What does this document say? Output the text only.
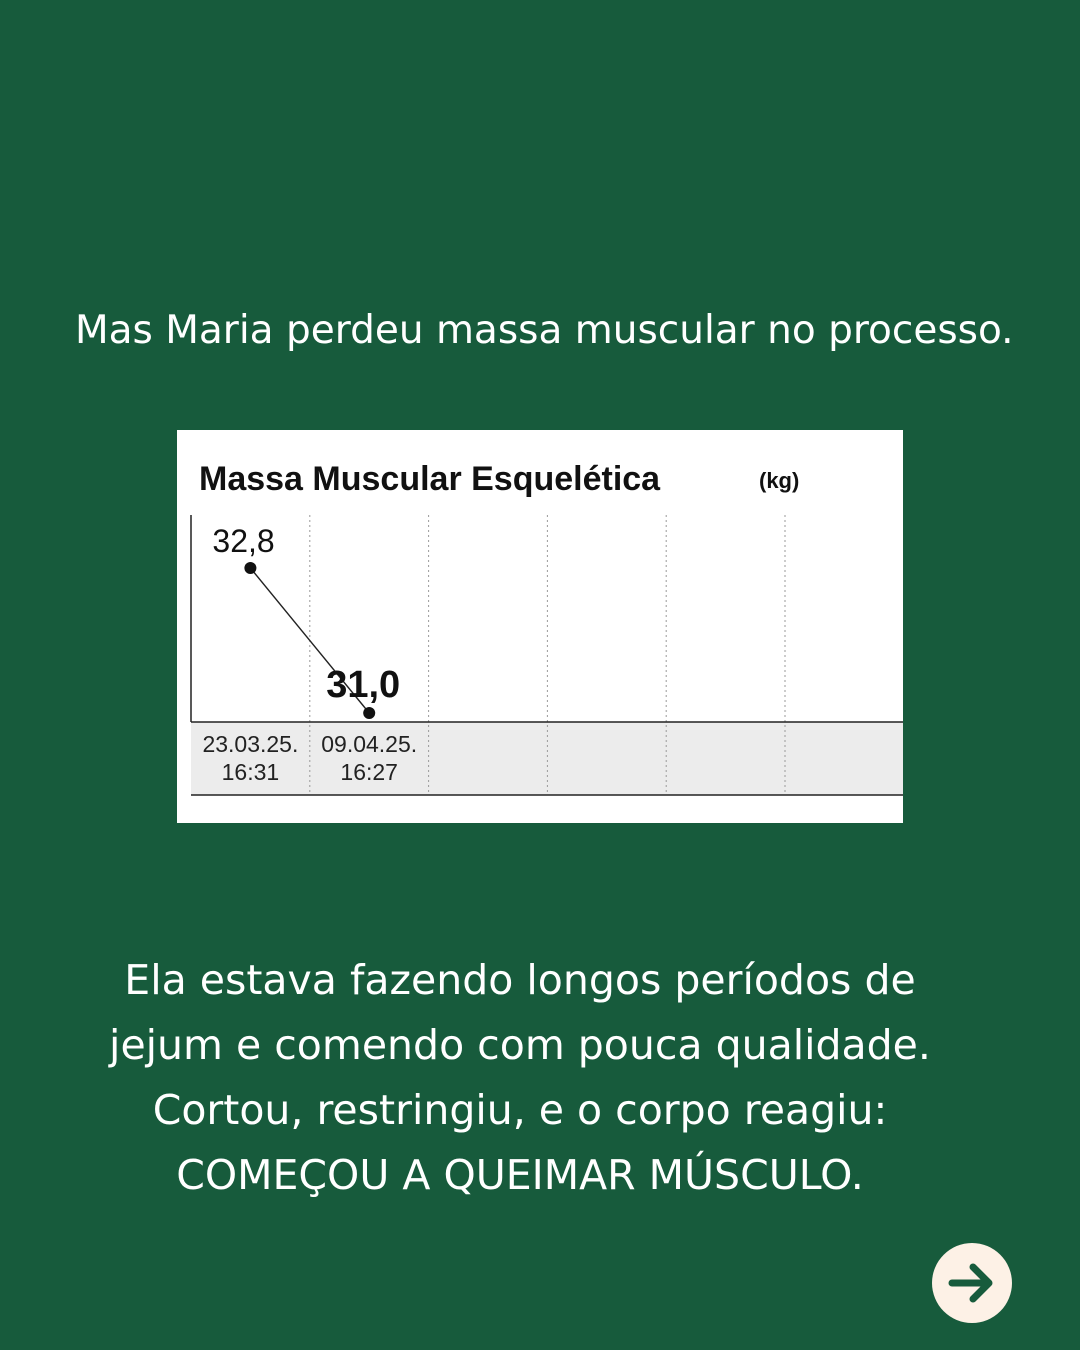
Mas Maria perdeu massa muscular no processo.
Massa Muscular Esquelética	(kg)
32,8
31,0
23.03.25.
16:31
09.04.25.
16:27
Ela estava fazendo longos períodos de
jejum e comendo com pouca qualidade.
Cortou, restringiu, e o corpo reagiu:
COMEÇOU A QUEIMAR MÚSCULO.
